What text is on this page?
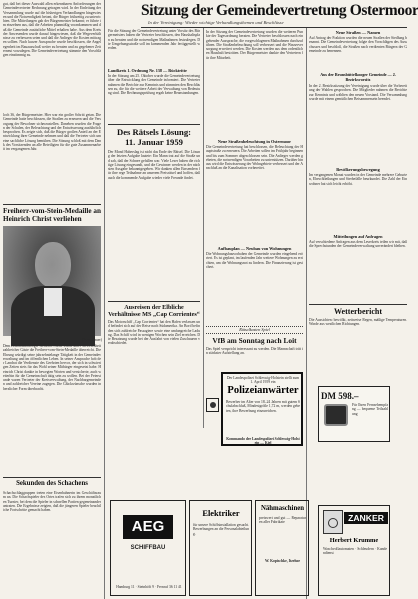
Sitzung der Gemeindevertretung Ostermoor
In der Vereinigung: Wieder wichtige Verhandlungsthemen und Beschlüsse
gut, daß bei dieser Auswahl allen erkennbaren Anforderungen der Gemeindevertreter Rechnung getragen wird. In der Einleitung der Versammlung wurde auf die bisherigen Verhandlungen hingewiesen und die Notwendigkeit betont, die Bürger frühzeitig zu unterrichten. Die Mitteilungen gab der Bürgermeister bekannt; er führte im einzelnen aus, daß die Arbeiten planmäßig vorankommen und daß die Gemeinde zusätzliche Mittel erhalten habe. Aus dem Kreis der Anwesenden wurde darauf hingewiesen, daß die Wegeverhältnisse zu verbessern seien und daß die Anlieger die Kosten mittragen sollten. Nach kurzer Aussprache wurde beschlossen, die Angelegenheit im Bauausschuß weiter zu beraten und zu gegebener Zeit erneut vorzulegen. Die Gemeindevertretung stimmte den Vorschlägen einstimmig zu.
loch 36, der Bürgermeister. Hier war ein großer Schritt getan. Die Gemeinde hatte beschlossen, die Straßen zu erneuern und die Versorgung der Bewohner sicherzustellen. Daneben wurden die Fragen der Schulen, der Beleuchtung und der Entwässerung ausführlich besprochen. Es zeigte sich, daß die Bürger großen Anteil an der Entwicklung ihrer Gemeinde nehmen und daß die Vertreter sich um eine sachliche Lösung bemühen. Die Sitzung schloß mit dem Dank des Vorsitzenden an alle Beteiligten für die gute Zusammenarbeit im vergangenen Jahr.
Freiherr-vom-Stein-Medaille an Heinrich Christ verliehen
(Foto: Bauer)
Dem Brunsbüttelkooger Heinrich Christ wurde unter Anwesenheit zahlreicher Gäste die Freiherr-vom-Stein-Medaille überreicht. Die Ehrung würdigt seine jahrzehntelange Tätigkeit in der Gemeindeverwaltung und im öffentlichen Leben. In seiner Ansprache hob der Landrat die Verdienste des Geehrten hervor, der sich in schwierigen Zeiten stets für das Wohl seiner Mitbürger eingesetzt habe. Heinrich Christ dankte in bewegten Worten und versicherte, auch weiterhin für die Gemeinschaft tätig sein zu wollen. Bei der Feierstunde waren Vertreter der Kreisverwaltung, der Nachbargemeinden und zahlreicher Vereine zugegen. Die Glückwünsche wurden in herzlicher Form überbracht.
Sekunden des Schachens
Schachschlaggruppen treten eine Eisenbahnerin im Geschäftsraum an. Die Schachspieler des Ortes trafen sich zu ihrem monatlichen Turnier, bei dem die Spieler in schnellen Partien gegeneinander antraten. Die Ergebnisse zeigten, daß die jüngeren Spieler beachtliche Fortschritte gemacht haben.
Für die Sitzung der Gemeindevertretung unter Vorsitz des Bürgermeisters haben die Vertreter beschlossen, den Haushaltsplan zu beraten und die notwendigen Maßnahmen festzulegen. Die Umgehungsstraße soll im kommenden Jahr fertiggestellt werden.
Landkreis 1. Ordnung Nr. 138 — Rücktritte
In der Sitzung am 25. Oktober wurde die Gemeindevertretung über die Entwicklung der Gemeinde informiert. Die Vertreter nahmen die Berichte zur Kenntnis und stimmten den Beschlüssen zu, die für die weitere Arbeit der Verwaltung von Bedeutung sind. Die Rechnungsprüfung ergab keine Beanstandungen.
Des Rätsels Lösung:
11. Januar 1959
Der Mond Haberslag ist nicht das Ende der Rätsel. Die Lösung der letzten Aufgabe lautete: Ein Mann trat auf die Straße und sah, daß der Schnee gefallen war. Viele Leser haben die richtige Lösung eingesandt, und die Gewinner werden in der nächsten Ausgabe bekanntgegeben. Wir danken allen Einsendern für ihre rege Teilnahme an unserem Preisrätsel und hoffen, daß auch die kommende Aufgabe wieder viele Freunde findet.
Ausreisen der Elbliche Verhältnisse MS „Cap Corrientes“
Das Motorschiff „Cap Corrientes“ hat den Hafen verlassen und befindet sich auf der Reise nach Südamerika. An Bord befinden sich zahlreiche Passagiere sowie eine umfangreiche Ladung. Das Schiff wird in wenigen Wochen sein Ziel erreichen. Die Besatzung wurde bei der Ausfahrt von vielen Zuschauern verabschiedet.
In der Sitzung der Gemeindevertretung wurden die weiteren Punkte der Tagesordnung beraten. Die Vertreter beschlossen nach eingehender Aussprache, die vorgeschlagenen Maßnahmen durchzuführen. Die Straßenbeleuchtung soll verbessert und die Wasserversorgung erweitert werden. Die Kosten werden aus dem ordentlichen Haushalt bestritten. Der Bürgermeister dankte den Vertretern für ihre Mitarbeit.
Neue Straßenbeleuchtung in Ostermoor
Die Gemeindevertretung hat beschlossen, die Beleuchtung der Hauptstraße zu erneuern. Die Arbeiten sollen im Frühjahr beginnen und bis zum Sommer abgeschlossen sein. Die Anlieger werden gebeten, die notwendigen Vorarbeiten zu unterstützen. Darüber hinaus wird die Entwässerung der Wohngebiete verbessert und der Anschluß an die Kanalisation vorbereitet.
Aufbauplan — Neubau von Wohnungen
Die Wohnungsbauvorhaben der Gemeinde wurden eingehend erörtert. Es ist geplant, im laufenden Jahr weitere Wohnungen zu errichten, um die Wohnungsnot zu lindern. Die Finanzierung ist gesichert.
Neue Straßen — Namen
Auf Antrag der Fraktion wurden die neuen Straßen der Siedlung benannt. Die Gemeindevertretung folgte den Vorschlägen des Ausschusses und beschloß, die Straßen nach verdienten Bürgern der Gemeinde zu benennen.
Aus der Brunsbüttelkooger Gemeinde — 2. Bezirksvorsitz
In der 2. Bezirkssitzung der Vereinigung wurde über die Vorbereitung der Wahlen gesprochen. Die Mitglieder nahmen die Berichte zur Kenntnis und wählten den neuen Vorstand. Die Versammlung wurde mit einem gemütlichen Beisammensein beendet.
Bevölkerungsbewegung
Im vergangenen Monat wurden in der Gemeinde mehrere Geburten, Eheschließungen und Sterbefälle beurkundet. Die Zahl der Einwohner hat sich leicht erhöht.
Mitteilungen auf Anfragen
Auf verschiedene Anfragen aus dem Leserkreis teilen wir mit, daß die Sprechstunden der Gemeindeverwaltung unverändert bleiben.
Wetterbericht
Die Aussichten: bewölkt, zeitweise Regen, mäßige Temperaturen. Winde aus westlichen Richtungen.
Rätselkasten Spiel
VfB am Sonntag nach Loit
Das Spiel verspricht interessant zu werden. Die Mannschaft tritt in stärkster Aufstellung an.
Der Landespolizei Schleswig-Holstein stellt zum 1. April 1959 ein
Polizeianwärter
Bewerber im Alter von 18–24 Jahren mit gutem Schulabschluß, Mindestgröße 1,72 m, werden gebeten, ihre Bewerbung einzureichen.
Kommando der Landespolizei Schleswig-Holstein — Kiel
DM 598.–
Für Ihren Fernsehempfang — bequeme Teilzahlung
AEG
SCHIFFBAU
Hamburg 11 · Steinhöft 9 · Fernruf 36 11 41
Elektriker
für unsere Schiffsinstallation gesucht. Bewerbungen an die Personalabteilung.
Nähmaschinen
preiswert und gut — Reparaturen aller Fabrikate
W. Kopischke, Itzehoe
ZANKER
Herbert Krumme
Waschvollautomaten · Schleudern · Kundendienst
